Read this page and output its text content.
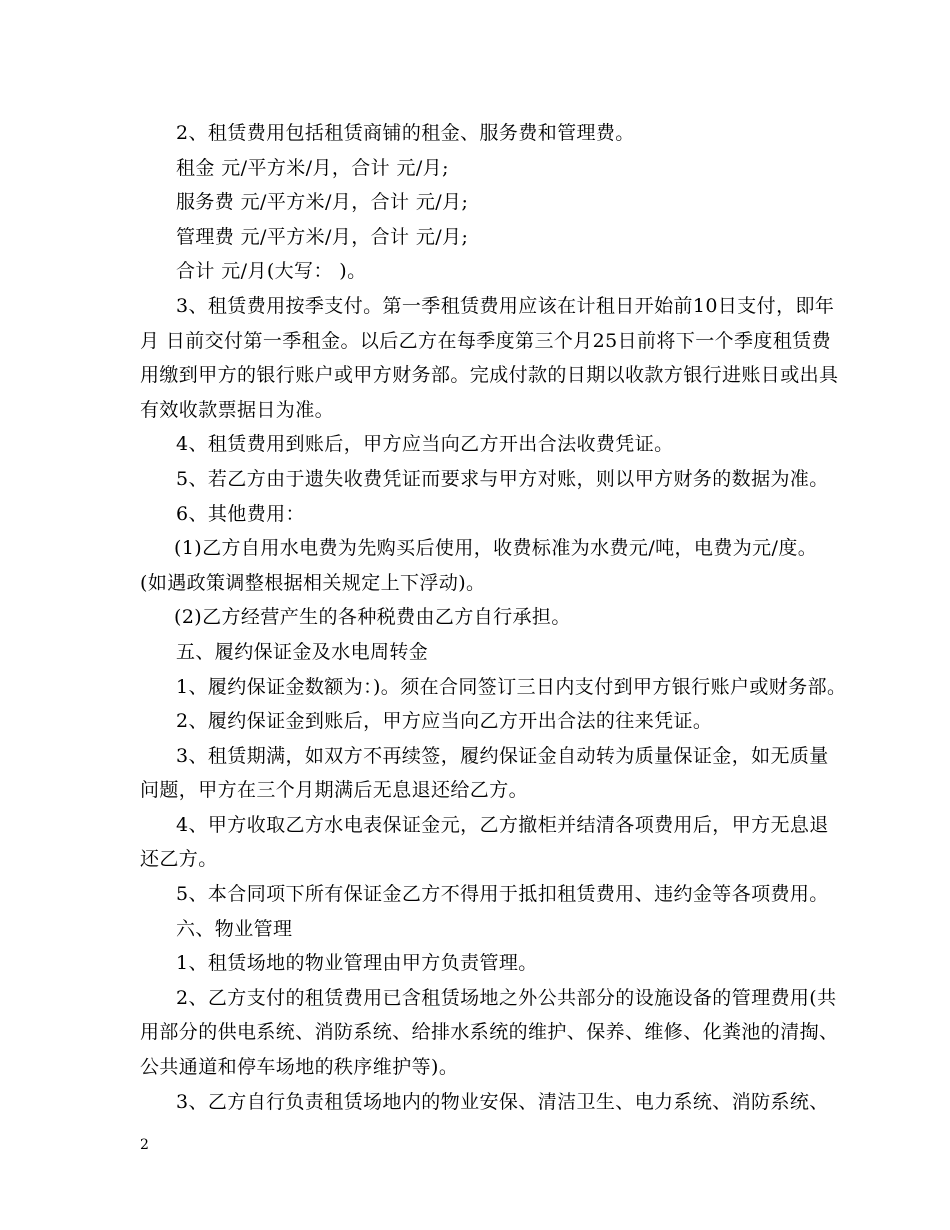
2、租赁费用包括租赁商铺的租金、服务费和管理费。
租金 元/平方米/月，合计 元/月;
服务费 元/平方米/月，合计 元/月;
管理费 元/平方米/月，合计 元/月;
合计 元/月(大写： )。
3、租赁费用按季支付。第一季租赁费用应该在计租日开始前10日支付，即年
月 日前交付第一季租金。以后乙方在每季度第三个月25日前将下一个季度租赁费
用缴到甲方的银行账户或甲方财务部。完成付款的日期以收款方银行进账日或出具
有效收款票据日为准。
4、租赁费用到账后，甲方应当向乙方开出合法收费凭证。
5、若乙方由于遗失收费凭证而要求与甲方对账，则以甲方财务的数据为准。
6、其他费用：
(1)乙方自用水电费为先购买后使用，收费标准为水费元/吨，电费为元/度。
(如遇政策调整根据相关规定上下浮动)。
(2)乙方经营产生的各种税费由乙方自行承担。
五、履约保证金及水电周转金
1、履约保证金数额为：)。须在合同签订三日内支付到甲方银行账户或财务部。
2、履约保证金到账后，甲方应当向乙方开出合法的往来凭证。
3、租赁期满，如双方不再续签，履约保证金自动转为质量保证金，如无质量
问题，甲方在三个月期满后无息退还给乙方。
4、甲方收取乙方水电表保证金元，乙方撤柜并结清各项费用后，甲方无息退
还乙方。
5、本合同项下所有保证金乙方不得用于抵扣租赁费用、违约金等各项费用。
六、物业管理
1、租赁场地的物业管理由甲方负责管理。
2、乙方支付的租赁费用已含租赁场地之外公共部分的设施设备的管理费用(共
用部分的供电系统、消防系统、给排水系统的维护、保养、维修、化粪池的清掏、
公共通道和停车场地的秩序维护等)。
3、乙方自行负责租赁场地内的物业安保、清洁卫生、电力系统、消防系统、
2
